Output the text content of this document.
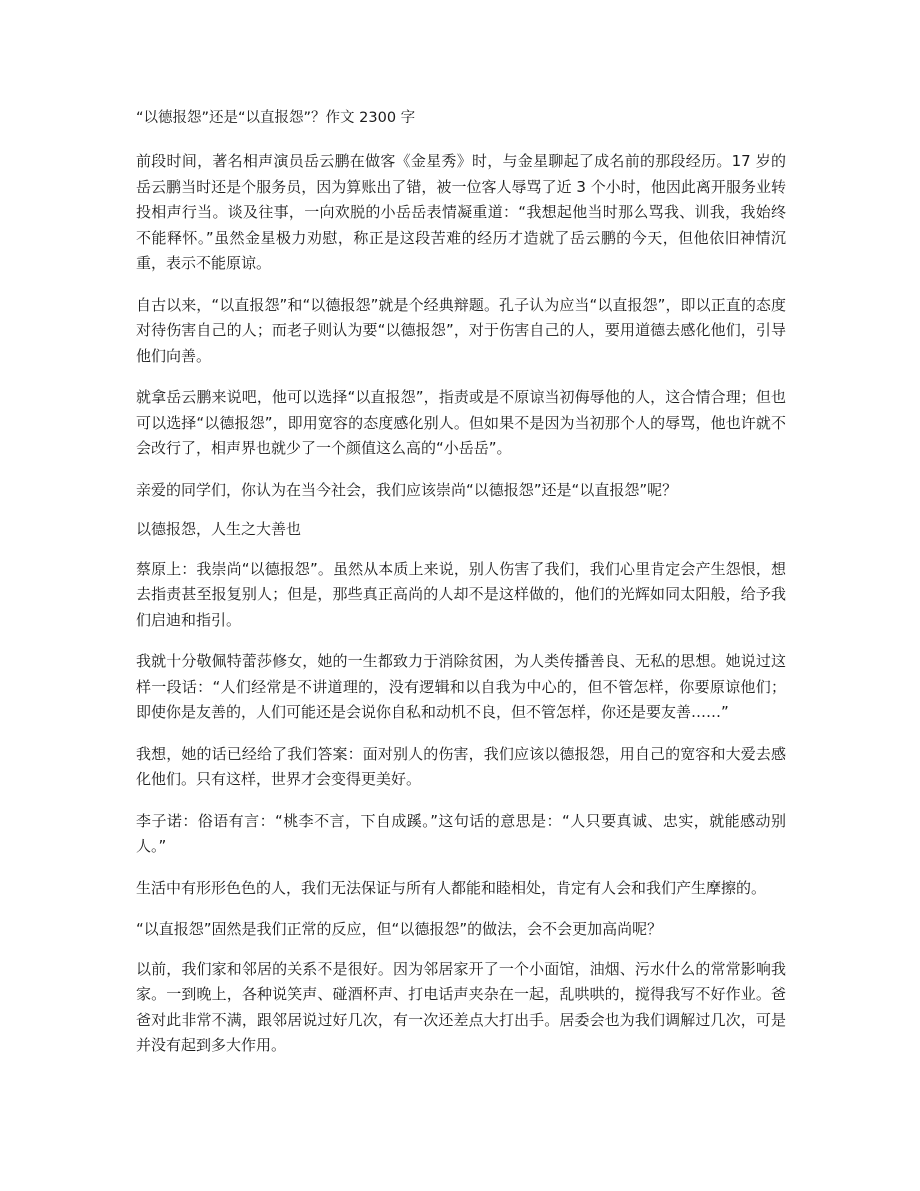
“以德报怨”还是“以直报怨”？作文 2300 字

前段时间，著名相声演员岳云鹏在做客《金星秀》时，与金星聊起了成名前的那段经历。17 岁的岳云鹏当时还是个服务员，因为算账出了错，被一位客人辱骂了近 3 个小时，他因此离开服务业转投相声行当。谈及往事，一向欢脱的小岳岳表情凝重道：“我想起他当时那么骂我、训我，我始终不能释怀。”虽然金星极力劝慰，称正是这段苦难的经历才造就了岳云鹏的今天，但他依旧神情沉重，表示不能原谅。

自古以来，“以直报怨”和“以德报怨”就是个经典辩题。孔子认为应当“以直报怨”，即以正直的态度对待伤害自己的人；而老子则认为要“以德报怨”，对于伤害自己的人，要用道德去感化他们，引导他们向善。

就拿岳云鹏来说吧，他可以选择“以直报怨”，指责或是不原谅当初侮辱他的人，这合情合理；但也可以选择“以德报怨”，即用宽容的态度感化别人。但如果不是因为当初那个人的辱骂，他也许就不会改行了，相声界也就少了一个颜值这么高的“小岳岳”。

亲爱的同学们，你认为在当今社会，我们应该崇尚“以德报怨”还是“以直报怨”呢？

以德报怨，人生之大善也

蔡原上：我崇尚“以德报怨”。虽然从本质上来说，别人伤害了我们，我们心里肯定会产生怨恨，想去指责甚至报复别人；但是，那些真正高尚的人却不是这样做的，他们的光辉如同太阳般，给予我们启迪和指引。

我就十分敬佩特蕾莎修女，她的一生都致力于消除贫困，为人类传播善良、无私的思想。她说过这样一段话：“人们经常是不讲道理的，没有逻辑和以自我为中心的，但不管怎样，你要原谅他们；即使你是友善的，人们可能还是会说你自私和动机不良，但不管怎样，你还是要友善……”

我想，她的话已经给了我们答案：面对别人的伤害，我们应该以德报怨，用自己的宽容和大爱去感化他们。只有这样，世界才会变得更美好。

李子诺：俗语有言：“桃李不言，下自成蹊。”这句话的意思是：“人只要真诚、忠实，就能感动别人。”

生活中有形形色色的人，我们无法保证与所有人都能和睦相处，肯定有人会和我们产生摩擦的。

“以直报怨”固然是我们正常的反应，但“以德报怨”的做法，会不会更加高尚呢？

以前，我们家和邻居的关系不是很好。因为邻居家开了一个小面馆，油烟、污水什么的常常影响我家。一到晚上，各种说笑声、碰酒杯声、打电话声夹杂在一起，乱哄哄的，搅得我写不好作业。爸爸对此非常不满，跟邻居说过好几次，有一次还差点大打出手。居委会也为我们调解过几次，可是并没有起到多大作用。
